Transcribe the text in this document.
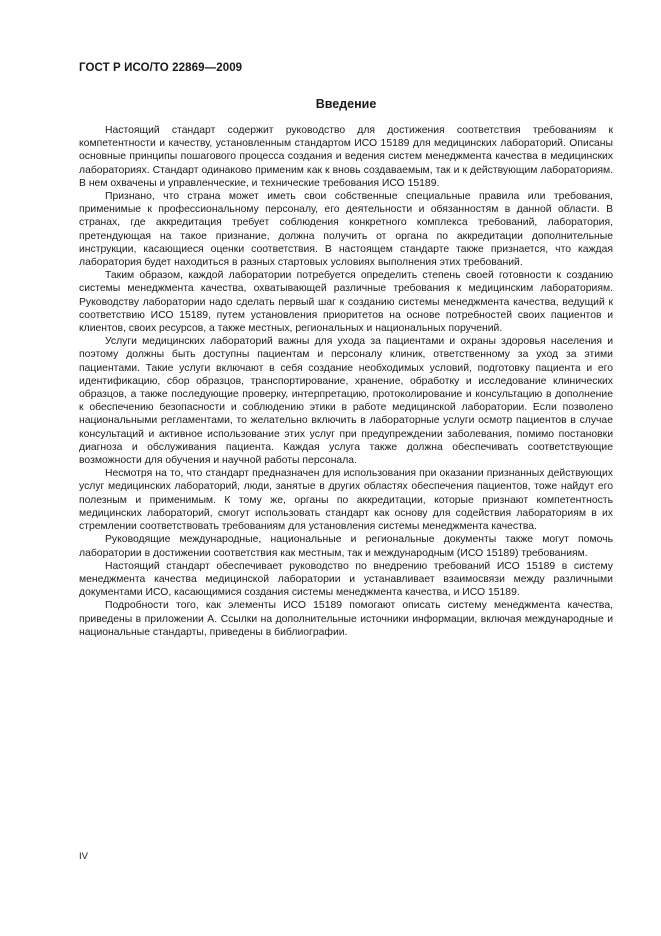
ГОСТ Р ИСО/ТО 22869—2009
Введение

Настоящий стандарт содержит руководство для достижения соответствия требованиям к компетентности и качеству, установленным стандартом ИСО 15189 для медицинских лабораторий. Описаны основные принципы пошагового процесса создания и ведения систем менеджмента качества в медицинских лабораториях. Стандарт одинаково применим как к вновь создаваемым, так и к действующим лабораториям. В нем охвачены и управленческие, и технические требования ИСО 15189.

Признано, что страна может иметь свои собственные специальные правила или требования, применимые к профессиональному персоналу, его деятельности и обязанностям в данной области. В странах, где аккредитация требует соблюдения конкретного комплекса требований, лаборатория, претендующая на такое признание, должна получить от органа по аккредитации дополнительные инструкции, касающиеся оценки соответствия. В настоящем стандарте также признается, что каждая лаборатория будет находиться в разных стартовых условиях выполнения этих требований.

Таким образом, каждой лаборатории потребуется определить степень своей готовности к созданию системы менеджмента качества, охватывающей различные требования к медицинским лабораториям. Руководству лаборатории надо сделать первый шаг к созданию системы менеджмента качества, ведущий к соответствию ИСО 15189, путем установления приоритетов на основе потребностей своих пациентов и клиентов, своих ресурсов, а также местных, региональных и национальных поручений.

Услуги медицинских лабораторий важны для ухода за пациентами и охраны здоровья населения и поэтому должны быть доступны пациентам и персоналу клиник, ответственному за уход за этими пациентами. Такие услуги включают в себя создание необходимых условий, подготовку пациента и его идентификацию, сбор образцов, транспортирование, хранение, обработку и исследование клинических образцов, а также последующие проверку, интерпретацию, протоколирование и консультацию в дополнение к обеспечению безопасности и соблюдению этики в работе медицинской лаборатории. Если позволено национальными регламентами, то желательно включить в лабораторные услуги осмотр пациентов в случае консультаций и активное использование этих услуг при предупреждении заболевания, помимо постановки диагноза и обслуживания пациента. Каждая услуга также должна обеспечивать соответствующие возможности для обучения и научной работы персонала.

Несмотря на то, что стандарт предназначен для использования при оказании признанных действующих услуг медицинских лабораторий, люди, занятые в других областях обеспечения пациентов, тоже найдут его полезным и применимым. К тому же, органы по аккредитации, которые признают компетентность медицинских лабораторий, смогут использовать стандарт как основу для содействия лабораториям в их стремлении соответствовать требованиям для установления системы менеджмента качества.

Руководящие международные, национальные и региональные документы также могут помочь лаборатории в достижении соответствия как местным, так и международным (ИСО 15189) требованиям.

Настоящий стандарт обеспечивает руководство по внедрению требований ИСО 15189 в систему менеджмента качества медицинской лаборатории и устанавливает взаимосвязи между различными документами ИСО, касающимися создания системы менеджмента качества, и ИСО 15189.

Подробности того, как элементы ИСО 15189 помогают описать систему менеджмента качества, приведены в приложении А. Ссылки на дополнительные источники информации, включая международные и национальные стандарты, приведены в библиографии.

IV
